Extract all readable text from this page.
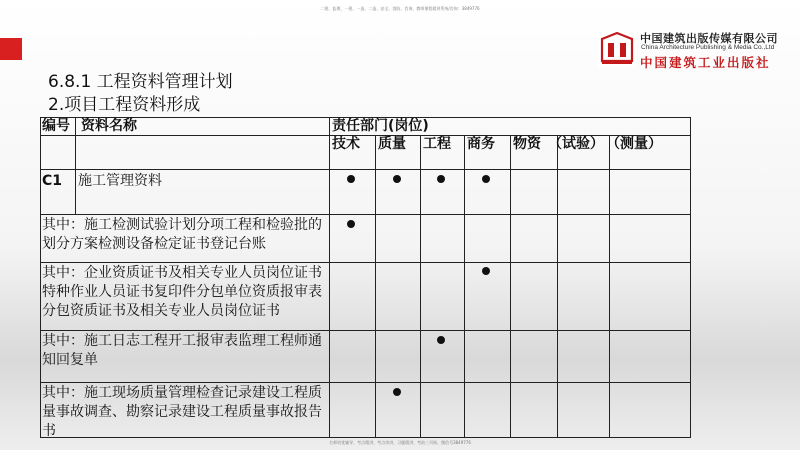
二建、监理、一建、一造、二造、安全、消防、咨询、教师课程精讲系统/咨询：3849776
中国建筑出版传媒有限公司
China Architecture Publishing & Media Co.,Ltd
中国建筑工业出版社
6.8.1 工程资料管理计划
2.项目工程资料形成
编号 资料名称	责任部门(岗位)
技术 质量 工程 商务 物资 （试验） （测量）
C1 施工管理资料
其中：施工检测试验计划分项工程和检验批的划分方案检测设备检定证书登记台账
其中：企业资质证书及相关专业人员岗位证书特种作业人员证书复印件分包单位资质报审表分包资质证书及相关专业人员岗位证书
其中：施工日志工程开工报审表监理工程师通知回复单
其中：施工现场质量管理检查记录建设工程质量事故调查、勘察记录建设工程质量事故报告书
名师培优辅导、考点精讲、考点串讲、习题精讲、考前三页纸、微信号3849776
